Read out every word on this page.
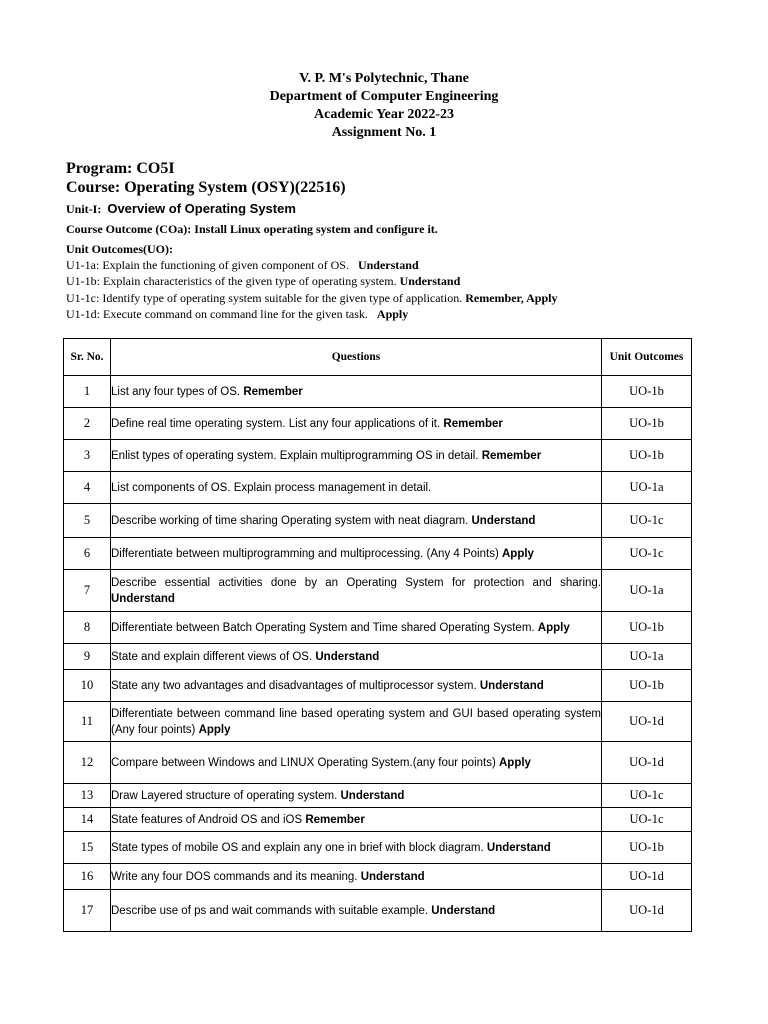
V. P. M's Polytechnic, Thane
Department of Computer Engineering
Academic Year 2022-23
Assignment No. 1
Program: CO5I
Course: Operating System (OSY)(22516)
Unit-I: Overview of Operating System
Course Outcome (COa): Install Linux operating system and configure it.
Unit Outcomes(UO):
U1-1a: Explain the functioning of given component of OS. Understand
U1-1b: Explain characteristics of the given type of operating system. Understand
U1-1c: Identify type of operating system suitable for the given type of application. Remember, Apply
U1-1d: Execute command on command line for the given task. Apply
Sr. No.	Questions	Unit Outcomes
1	List any four types of OS. Remember	UO-1b
2	Define real time operating system. List any four applications of it. Remember	UO-1b
3	Enlist types of operating system. Explain multiprogramming OS in detail. Remember	UO-1b
4	List components of OS. Explain process management in detail.	UO-1a
5	Describe working of time sharing Operating system with neat diagram. Understand	UO-1c
6	Differentiate between multiprogramming and multiprocessing. (Any 4 Points) Apply	UO-1c
7	Describe essential activities done by an Operating System for protection and sharing. Understand	UO-1a
8	Differentiate between Batch Operating System and Time shared Operating System. Apply	UO-1b
9	State and explain different views of OS. Understand	UO-1a
10	State any two advantages and disadvantages of multiprocessor system. Understand	UO-1b
11	Differentiate between command line based operating system and GUI based operating system (Any four points) Apply	UO-1d
12	Compare between Windows and LINUX Operating System.(any four points) Apply	UO-1d
13	Draw Layered structure of operating system. Understand	UO-1c
14	State features of Android OS and iOS Remember	UO-1c
15	State types of mobile OS and explain any one in brief with block diagram. Understand	UO-1b
16	Write any four DOS commands and its meaning. Understand	UO-1d
17	Describe use of ps and wait commands with suitable example. Understand	UO-1d
